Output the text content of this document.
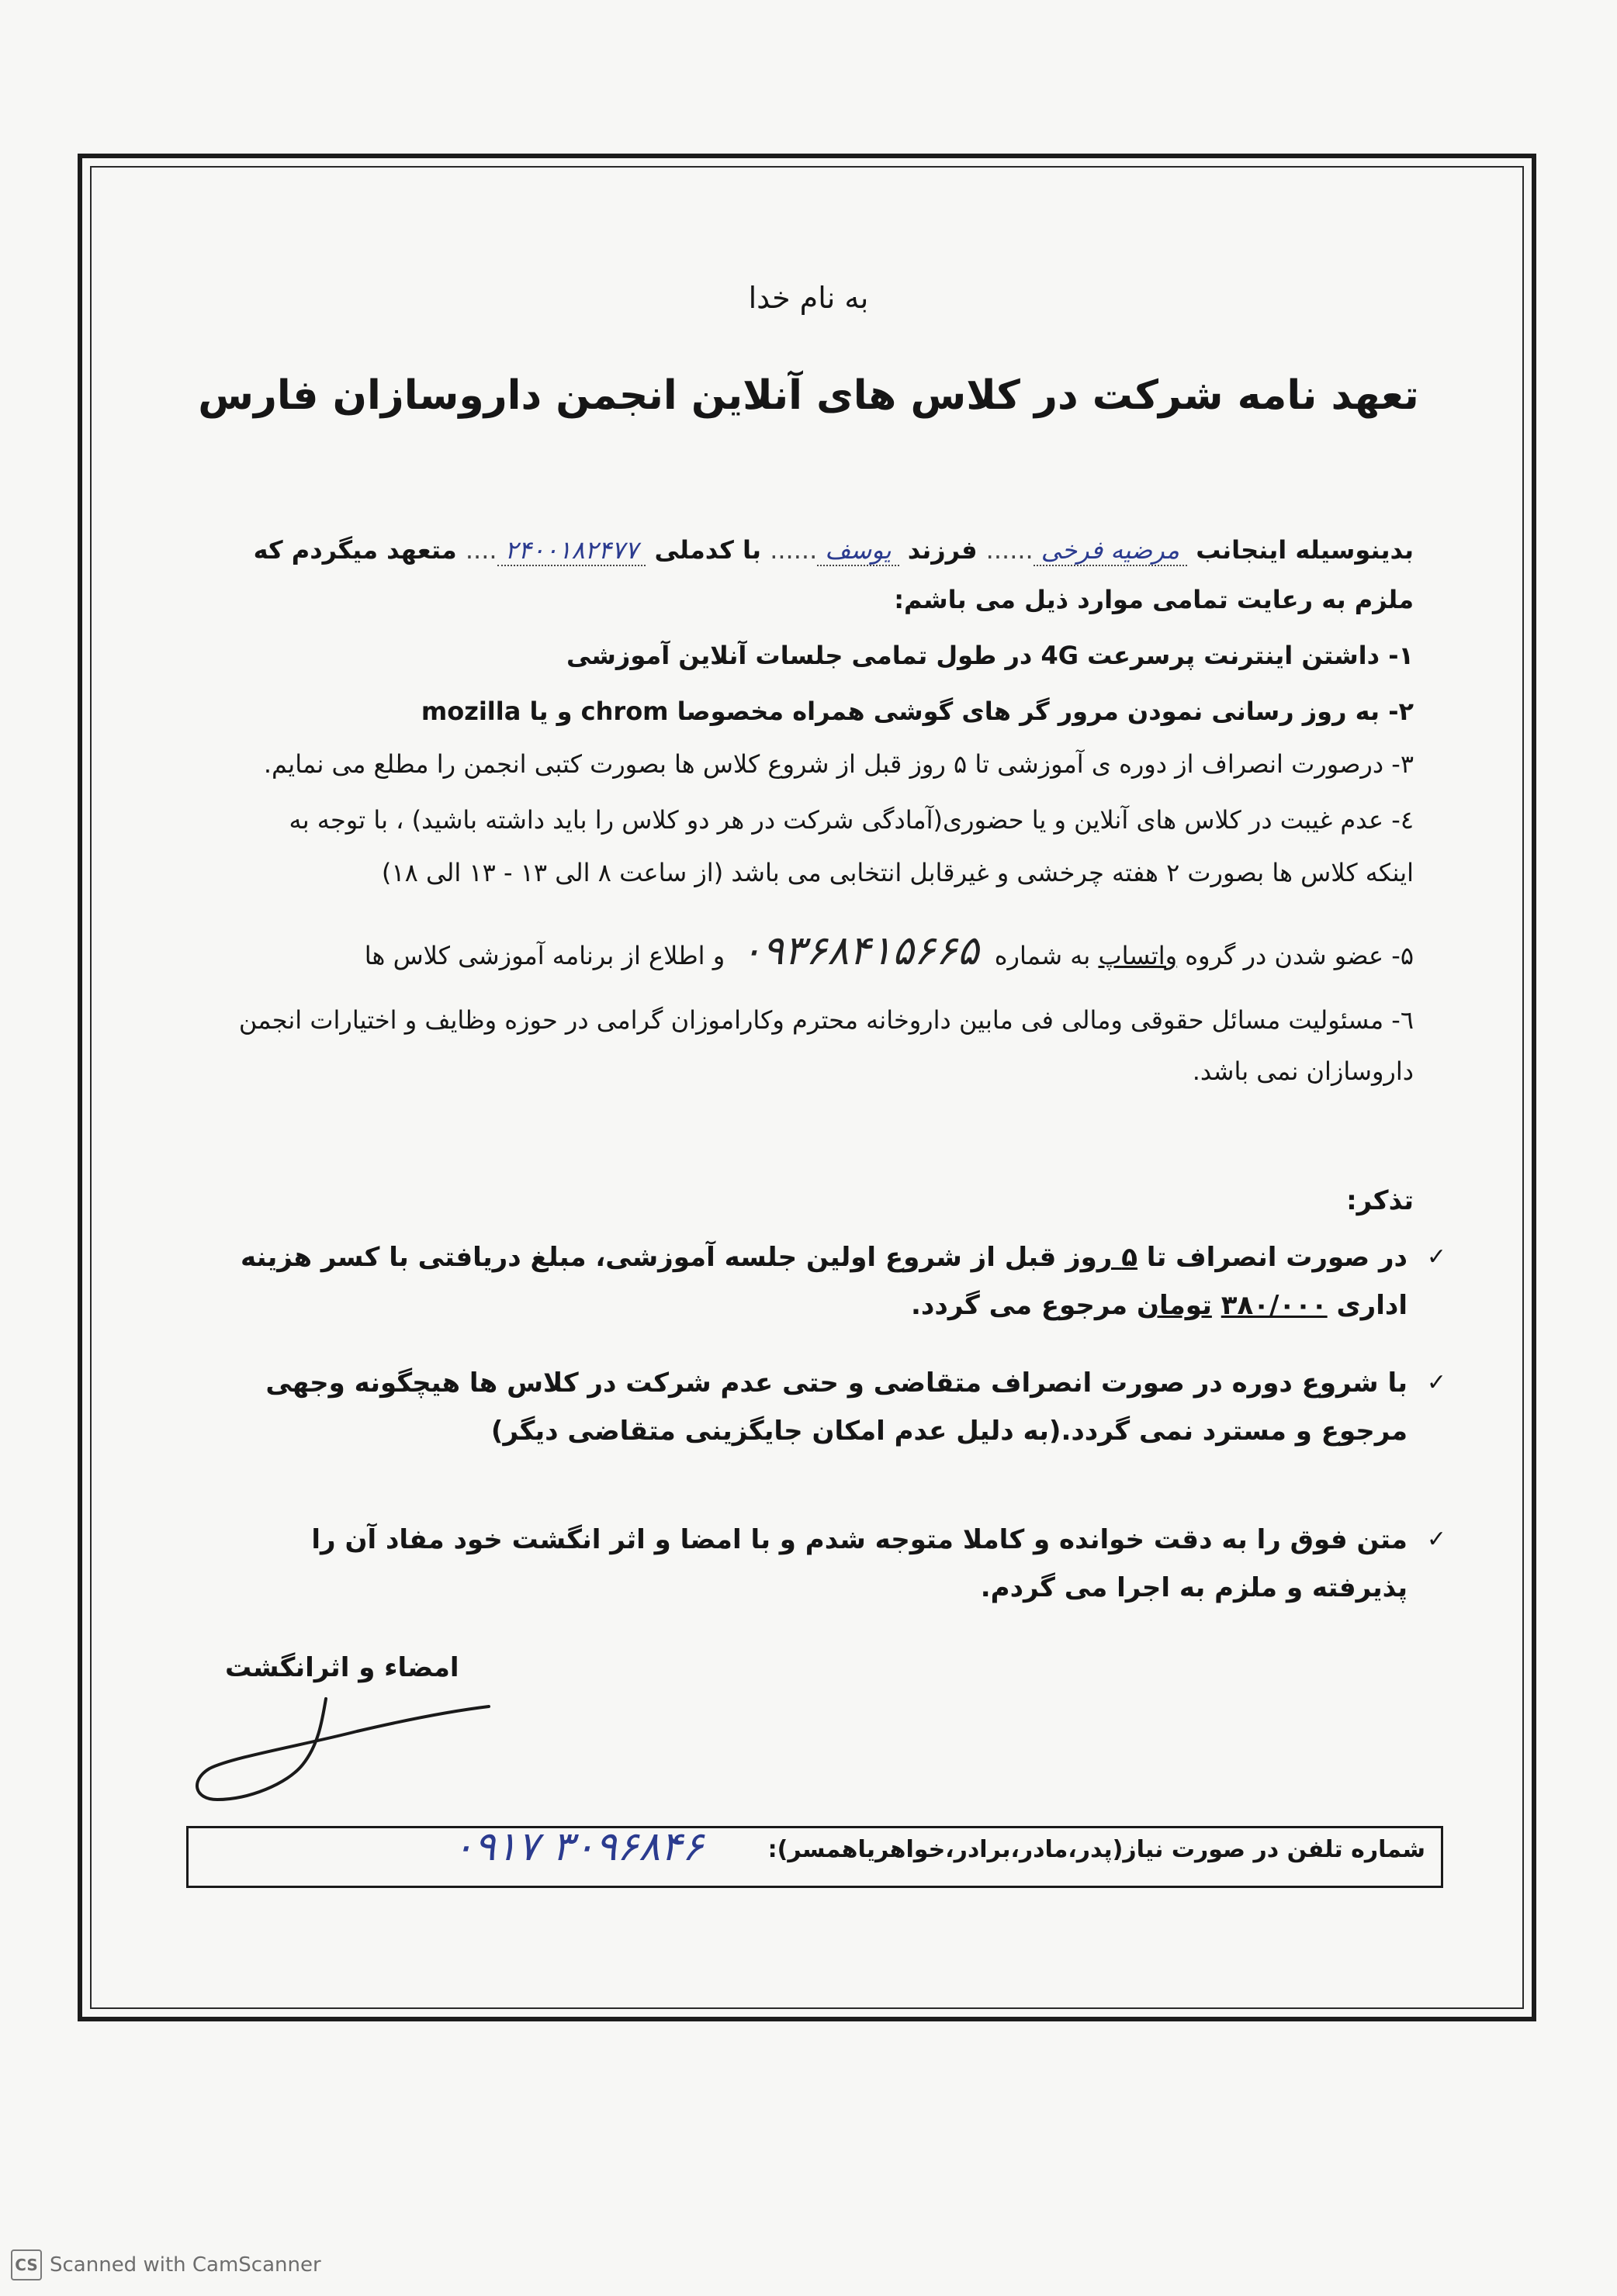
به نام خدا
تعهد نامه شرکت در کلاس های آنلاین انجمن داروسازان فارس
بدینوسیله اینجانب مرضیه فرخی...... فرزند یوسف...... با کدملی ۲۴۰۰۱۸۲۴۷۷.... متعهد میگردم که
ملزم به رعایت تمامی موارد ذیل می باشم:
۱- داشتن اینترنت پرسرعت 4G در طول تمامی جلسات آنلاین آموزشی
۲- به روز رسانی نمودن مرور گر های گوشی همراه مخصوصا chrom و یا mozilla
۳- درصورت انصراف از دوره ی آموزشی تا ۵ روز قبل از شروع کلاس ها بصورت کتبی انجمن را مطلع می نمایم.
٤- عدم غیبت در کلاس های آنلاین و یا حضوری(آمادگی شرکت در هر دو کلاس را باید داشته باشید) ، با توجه به
اینکه کلاس ها بصورت ۲ هفته چرخشی و غیرقابل انتخابی می باشد (از ساعت ۸ الی ۱۳ - ۱۳ الی ۱۸)
۵- عضو شدن در گروه واتساپ به شماره ۰۹۳۶۸۴۱۵۶۶۵ و اطلاع از برنامه آموزشی کلاس ها
٦- مسئولیت مسائل حقوقی ومالی فی مابین داروخانه محترم وکاراموزان گرامی در حوزه وظایف و اختیارات انجمن
داروسازان نمی باشد.
تذکر:
✓
در صورت انصراف تا ۵ روز قبل از شروع اولین جلسه آموزشی، مبلغ دریافتی با کسر هزینه اداری ۳۸۰/۰۰۰ تومان مرجوع می گردد.
✓
با شروع دوره در صورت انصراف متقاضی و حتی عدم شرکت در کلاس ها هیچگونه وجهی مرجوع و مسترد نمی گردد.(به دلیل عدم امکان جایگزینی متقاضی دیگر)
✓
متن فوق را به دقت خوانده و کاملا متوجه شدم و با امضا و اثر انگشت خود مفاد آن را پذیرفته و ملزم به اجرا می گردم.
امضاء و اثرانگشت
شماره تلفن در صورت نیاز(پدر،مادر،برادر،خواهریاهمسر):
۰۹۱۷ ۳۰۹۶۸۴۶
CS Scanned with CamScanner
